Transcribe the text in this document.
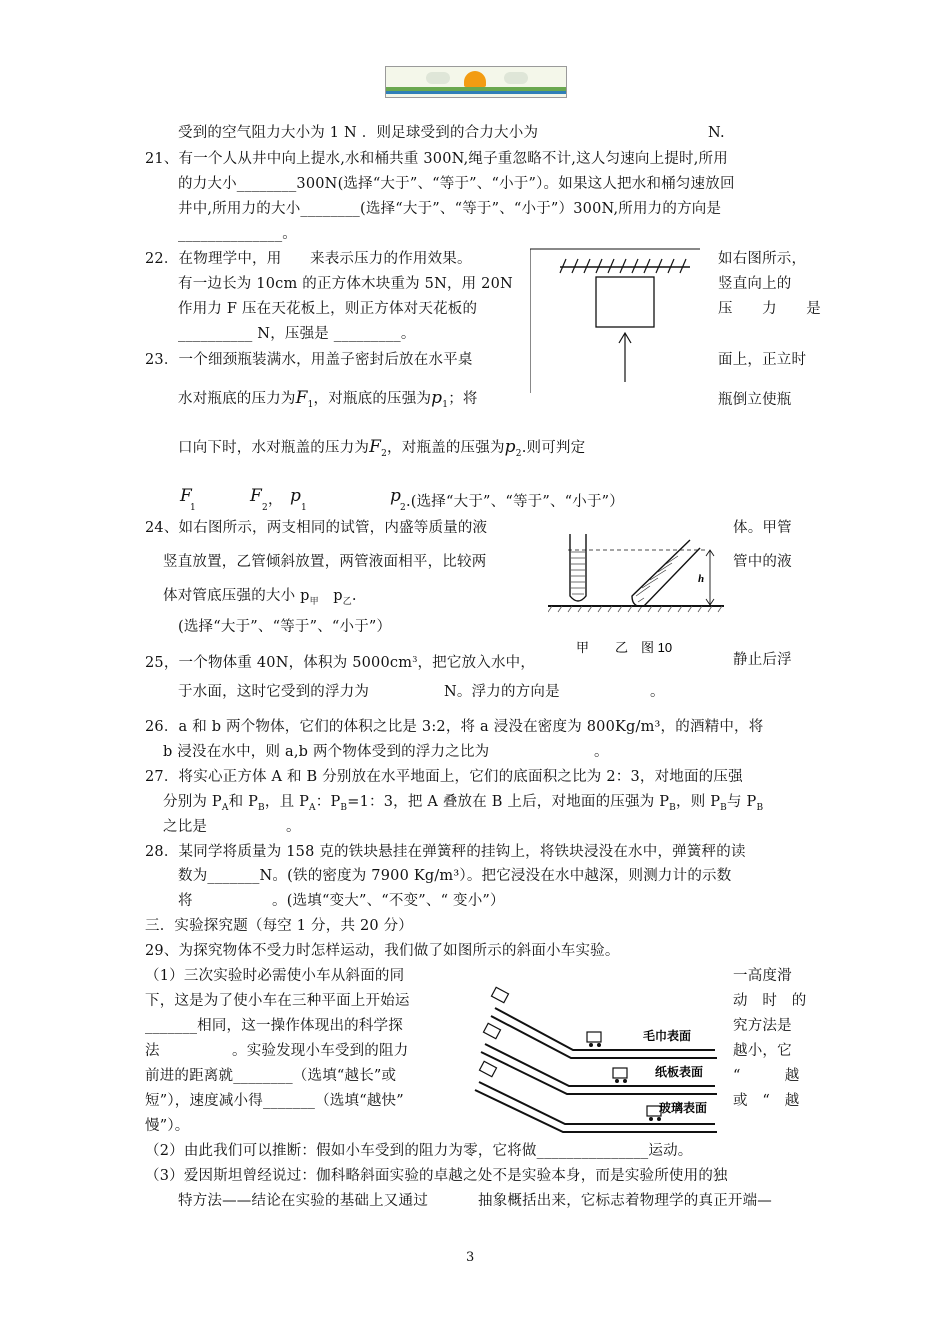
受到的空气阻力大小为 1 N ．则足球受到的合力大小为	N.
21、有一个人从井中向上提水,水和桶共重 300N,绳子重忽略不计,这人匀速向上提时,所用
的力大小________300N(选择“大于”、“等于”、“小于”）。如果这人把水和桶匀速放回
井中,所用力的大小________(选择“大于”、“等于”、“小于”）300N,所用力的方向是
______________。
22．在物理学中，用 来表示压力的作用效果。	如右图所示，
有一边长为 10cm 的正方体木块重为 5N，用 20N	竖直向上的
作用力 F 压在天花板上，则正方体对天花板的	压　　力　　是
__________ N，压强是 _________。
23．一个细颈瓶装满水，用盖子密封后放在水平桌	面上，正立时
水对瓶底的压力为$F_1$，对瓶底的压强为$p_1$；将	瓶倒立使瓶
口向下时，水对瓶盖的压力为$F_2$，对瓶盖的压强为$p_2$.则可判定
F
1
F
2 ， p
1
p
$_2$.(选择“大于”、“等于”、“小于”）
24、如右图所示，两支相同的试管，内盛等质量的液	体。甲管
竖直放置，乙管倾斜放置，两管液面相平，比较两	管中的液
体对管底压强的大小 $p_甲$ $p_乙$.
(选择“大于”、“等于”、“小于”）
25，一个物体重 40N，体积为 $5000cm^3$，把它放入水中，	静止后浮
于水面，这时它受到的浮力为	N。浮力的方向是	。
26．a 和 b 两个物体，它们的体积之比是 3:2，将 a 浸没在密度为 800Kg/m³，的酒精中，将
b 浸没在水中，则 a,b 两个物体受到的浮力之比为	。
27．将实心正方体 A 和 B 分别放在水平地面上，它们的底面积之比为 2：3，对地面的压强
分别为 $P_A$和 $P_B$，且 $P_A$：$P_B=1$：3，把 A 叠放在 B 上后，对地面的压强为 $P_B$，则 $P_B$与 $P_B$
之比是	。
28．某同学将质量为 158 克的铁块悬挂在弹簧秤的挂钩上，将铁块浸没在水中，弹簧秤的读
数为_______N。(铁的密度为 7900 Kg/m³）。把它浸没在水中越深，则测力计的示数
将	。(选填“变大”、“不变”、“ 变小”）
三．实验探究题（每空 1 分，共 20 分）
29、为探究物体不受力时怎样运动，我们做了如图所示的斜面小车实验。
（1）三次实验时必需使小车从斜面的同	一高度滑
下，这是为了使小车在三种平面上开始运	动　时　的
_______相同，这一操作体现出的科学探	究方法是
法	。实验发现小车受到的阻力	越小，它
前进的距离就________（选填“越长”或	“　　　越
短”），速度减小得_______（选填“越快”	或　“　越
慢”）。
（2）由此我们可以推断：假如小车受到的阻力为零，它将做_______________运动。
（3）爱因斯坦曾经说过：伽科略斜面实验的卓越之处不是实验本身，而是实验所使用的独
特方法——结论在实验的基础上又通过	抽象概括出来，它标志着物理学的真正开端—
h
甲　　乙　图 10
毛巾表面
纸板表面
玻璃表面
3
